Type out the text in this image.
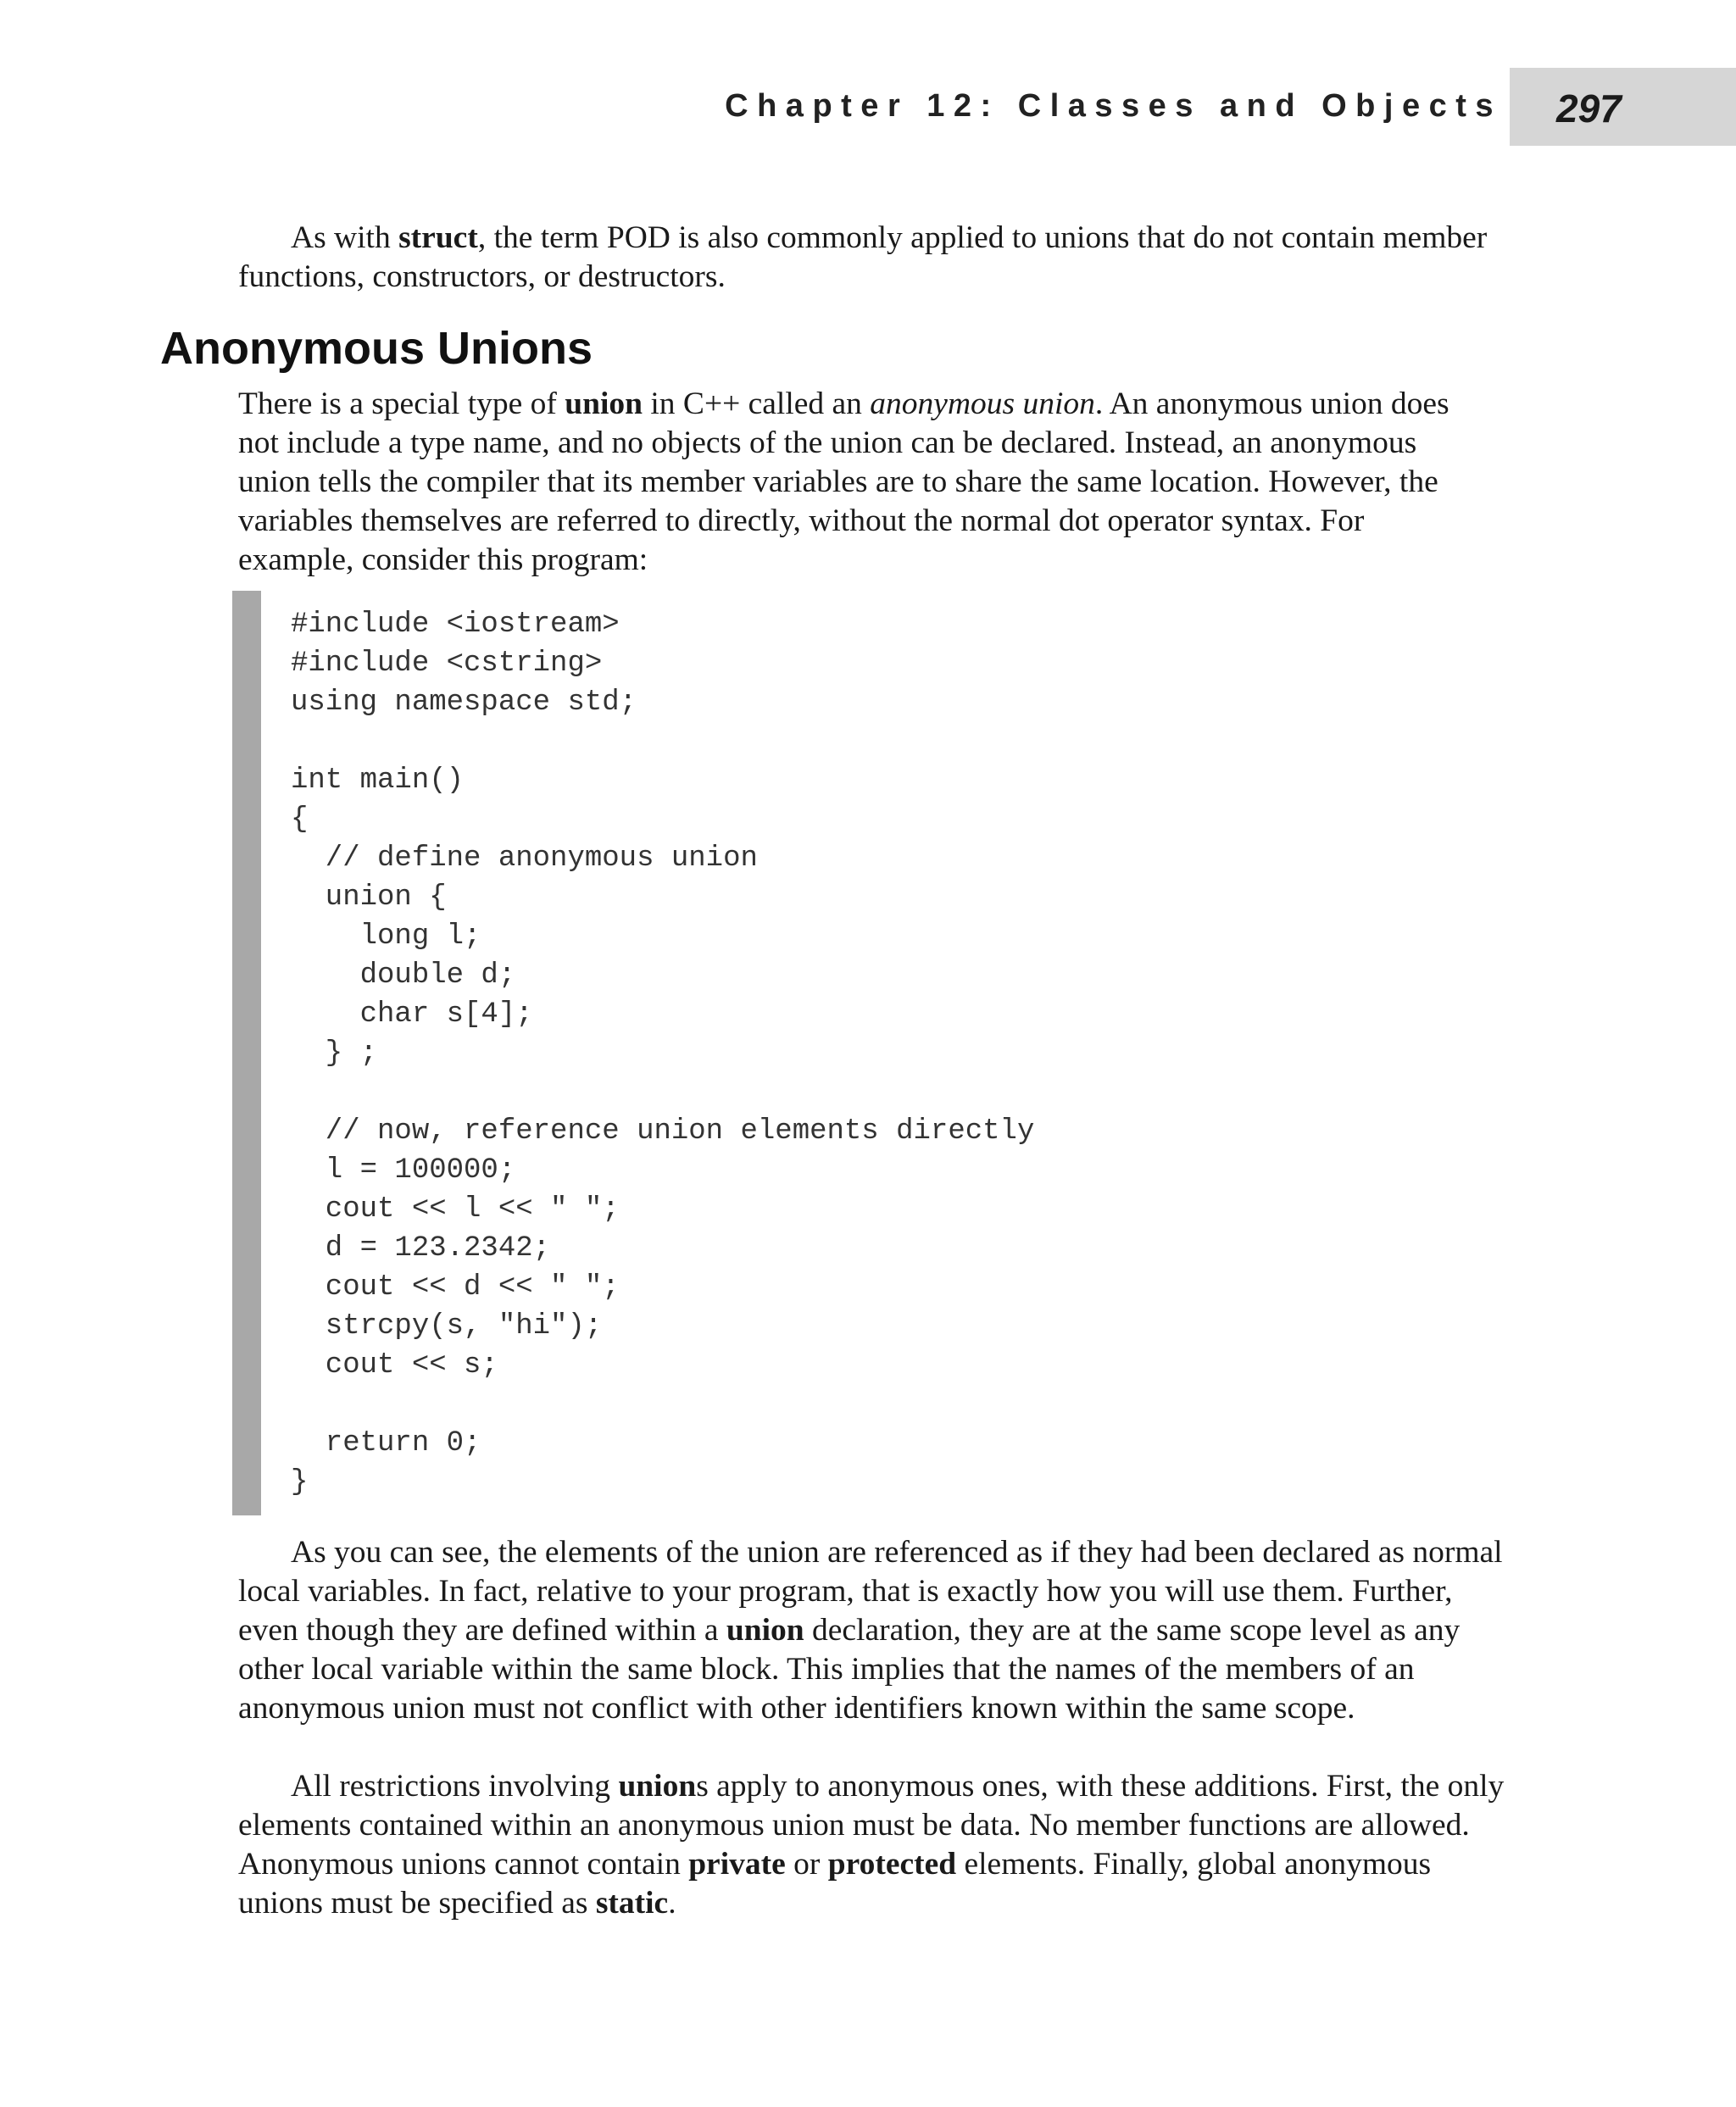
Chapter 12: Classes and Objects 297

As with struct, the term POD is also commonly applied to unions that do not contain member functions, constructors, or destructors.

Anonymous Unions

There is a special type of union in C++ called an anonymous union. An anonymous union does not include a type name, and no objects of the union can be declared. Instead, an anonymous union tells the compiler that its member variables are to share the same location. However, the variables themselves are referred to directly, without the normal dot operator syntax. For example, consider this program:

#include <iostream>
#include <cstring>
using namespace std;
int main()
{
// define anonymous union
union {
long l;
double d;
char s[4];
} ;
// now, reference union elements directly
l = 100000;
cout << l << " ";
d = 123.2342;
cout << d << " ";
strcpy(s, "hi");
cout << s;
return 0;
}

As you can see, the elements of the union are referenced as if they had been declared as normal local variables. In fact, relative to your program, that is exactly how you will use them. Further, even though they are defined within a union declaration, they are at the same scope level as any other local variable within the same block. This implies that the names of the members of an anonymous union must not conflict with other identifiers known within the same scope.

All restrictions involving unions apply to anonymous ones, with these additions. First, the only elements contained within an anonymous union must be data. No member functions are allowed. Anonymous unions cannot contain private or protected elements. Finally, global anonymous unions must be specified as static.
